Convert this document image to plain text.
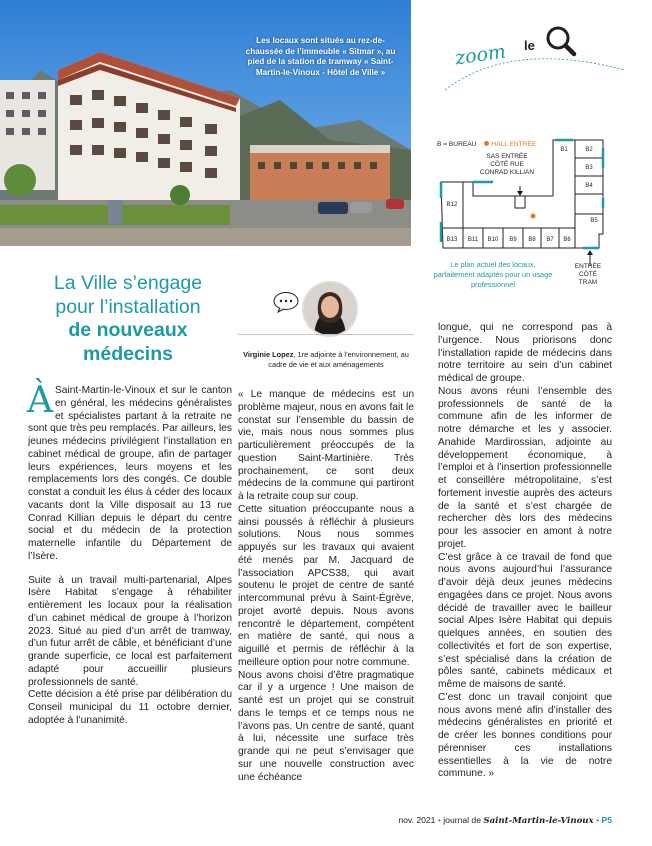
Les locaux sont situés au rez-de-chaussée de l’immeuble « Sitmar », au pied de la station de tramway « Saint-Martin-le-Vinoux - Hôtel de Ville »
zoom le
B = BUREAU HALL ENTRÉE
SAS ENTRÉE
CÔTÉ RUE
CONRAD KILLIAN
ENTRÉE
CÔTÉ
TRAM
B1	B2
B3
B4
B5
B6
B7
B8
B9
B10
B11
B12
B13
Le plan actuel des locaux, parfaitement adaptés pour un usage professionnel
La Ville s’engage
pour l’installation
de nouveaux
médecins	Virginie Lopez, 1re adjointe à l’environnement, au cadre de vie et aux aménagements

À Saint-Martin-le-Vinoux et sur le canton en général, les médecins généralistes et spécialistes partant à la retraite ne sont que très peu remplacés. Par ailleurs, les jeunes médecins privilégient l’installation en cabinet médical de groupe, afin de partager leurs expériences, leurs moyens et les remplacements lors des congés. Ce double constat a conduit les élus à céder des locaux vacants dont la Ville disposait au 13 rue Conrad Killian depuis le départ du centre social et du médecin de la protection maternelle infantile du Département de l’Isère.

Suite à un travail multi-partenarial, Alpes Isère Habitat s’engage à réhabiliter entièrement les locaux pour la réalisation d’un cabinet médical de groupe à l’horizon 2023. Situé au pied d’un arrêt de tramway, d’un futur arrêt de câble, et bénéficiant d’une grande superficie, ce local est parfaitement adapté pour accueillir plusieurs professionnels de santé.

Cette décision a été prise par délibération du Conseil municipal du 11 octobre dernier, adoptée à l’unanimité.

« Le manque de médecins est un problème majeur, nous en avons fait le constat sur l’ensemble du bassin de vie, mais nous nous sommes plus particulièrement préoccupés de la question Saint-Martinière. Très prochainement, ce sont deux médecins de la commune qui partiront à la retraite coup sur coup.

Cette situation préoccupante nous a ainsi poussés à réfléchir à plusieurs solutions. Nous nous sommes appuyés sur les travaux qui avaient été menés par M. Jacquard de l’association APCS38, qui avait soutenu le projet de centre de santé intercommunal prévu à Saint-Égrève, projet avorté depuis. Nous avons rencontré le département, compétent en matière de santé, qui nous a aiguillé et permis de réfléchir à la meilleure option pour notre commune.

Nous avons choisi d’être pragmatique car il y a urgence ! Une maison de santé est un projet qui se construit dans le temps et ce temps nous ne l’avons pas. Un centre de santé, quant à lui, nécessite une surface très grande qui ne peut s’envisager que sur une nouvelle construction avec une échéance

longue, qui ne correspond pas à l’urgence. Nous priorisons donc l’installation rapide de médecins dans notre territoire au sein d’un cabinet médical de groupe.

Nous avons réuni l’ensemble des professionnels de santé de la commune afin de les informer de notre démarche et les y associer. Anahide Mardirossian, adjointe au développement économique, à l’emploi et à l’insertion professionnelle et conseillère métropolitaine, s’est fortement investie auprès des acteurs de la santé et s’est chargée de rechercher dès lors des médecins pour les associer en amont à notre projet.

C’est grâce à ce travail de fond que nous avons aujourd’hui l’assurance d’avoir déjà deux jeunes médecins engagées dans ce projet. Nous avons décidé de travailler avec le bailleur social Alpes Isère Habitat qui depuis quelques années, en soutien des collectivités et fort de son expertise, s’est spécialisé dans la création de pôles santé, cabinets médicaux et même de maisons de santé.

C’est donc un travail conjoint que nous avons mené afin d’installer des médecins généralistes en priorité et de créer les bonnes conditions pour pérenniser ces installations essentielles à la vie de notre commune. »

nov. 2021 • journal de Saint-Martin-le-Vinoux • P5
